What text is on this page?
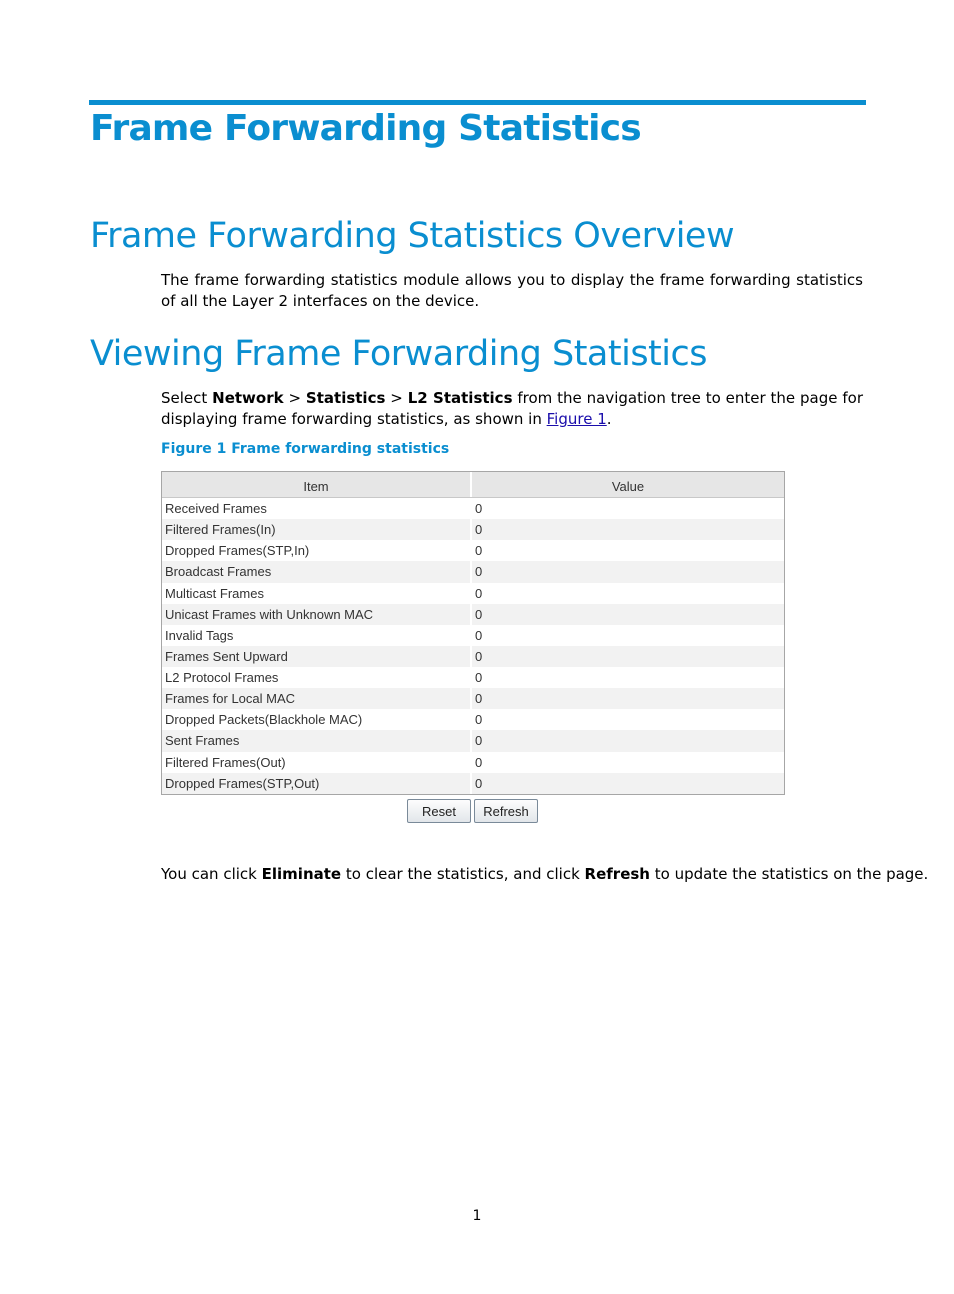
Frame Forwarding Statistics
Frame Forwarding Statistics Overview

The frame forwarding statistics module allows you to display the frame forwarding statistics of all the Layer 2 interfaces on the device.

Viewing Frame Forwarding Statistics

Select Network > Statistics > L2 Statistics from the navigation tree to enter the page for displaying frame forwarding statistics, as shown in Figure 1.

Figure 1 Frame forwarding statistics

Item	Value
Received Frames	0
Filtered Frames(In)	0
Dropped Frames(STP,In)	0
Broadcast Frames	0
Multicast Frames	0
Unicast Frames with Unknown MAC	0
Invalid Tags	0
Frames Sent Upward	0
L2 Protocol Frames	0
Frames for Local MAC	0
Dropped Packets(Blackhole MAC)	0
Sent Frames	0
Filtered Frames(Out)	0
Dropped Frames(STP,Out)	0
Reset	Refresh

You can click Eliminate to clear the statistics, and click Refresh to update the statistics on the page.

1
